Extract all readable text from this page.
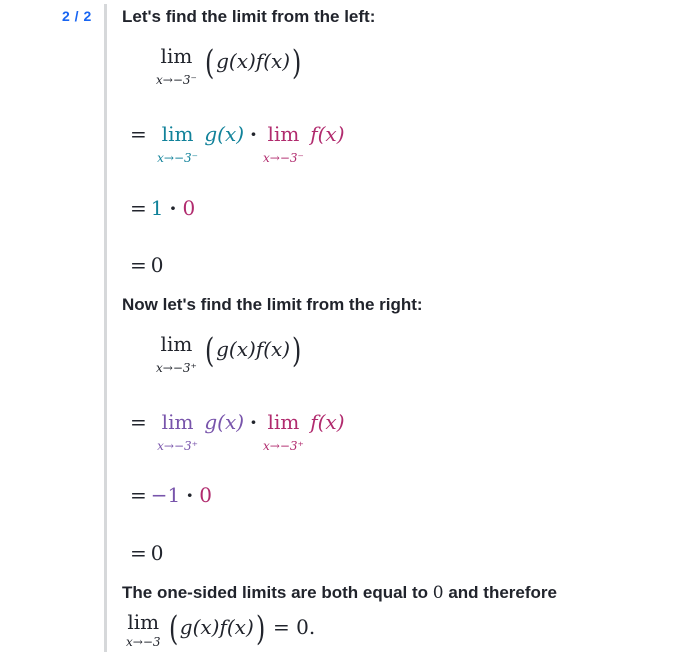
2 / 2 Let's find the limit from the left:
lim
x→−3⁻ (g(x)f(x))
= lim
x→−3⁻
g(x) · lim
x→−3⁻
f(x)
= 1 · 0
= 0
Now let's find the limit from the right:
lim
x→−3⁺ (g(x)f(x))
= lim
x→−3⁺
g(x) · lim
x→−3⁺
f(x)
= −1 · 0
= 0
The one-sided limits are both equal to 0 and therefore
lim
x→−3 (g(x)f(x)) = 0.
